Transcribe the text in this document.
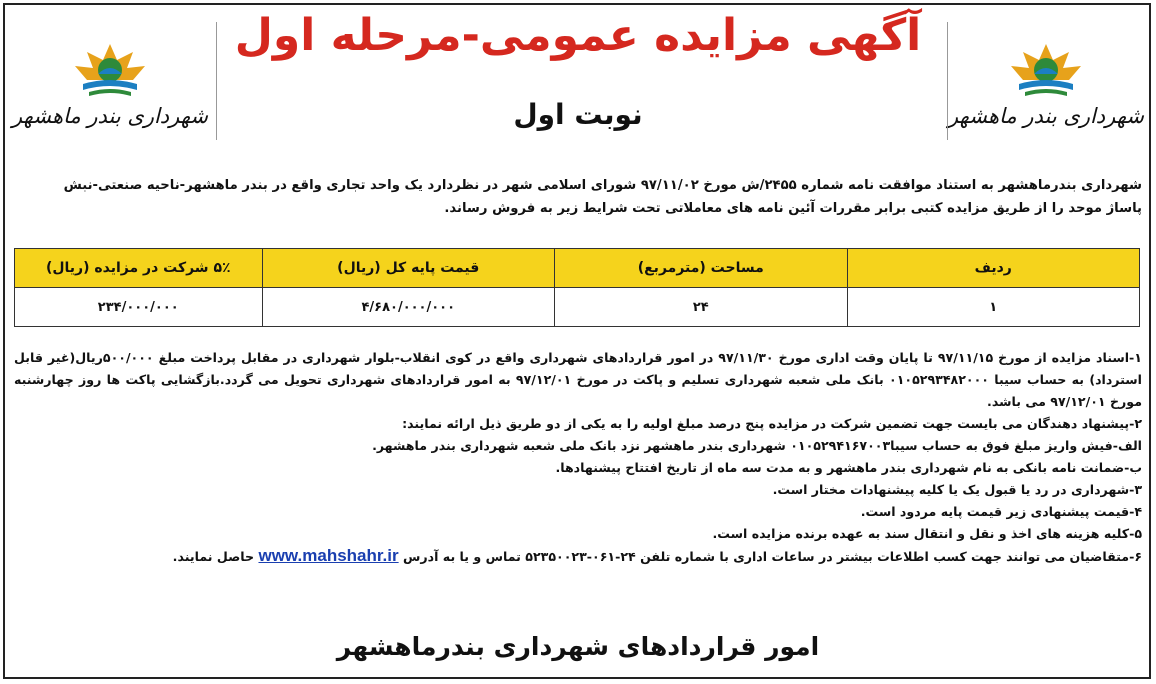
شهرداری بندر ماهشهر
شهرداری بندر ماهشهر
آگهی مزایده عمومی-مرحله اول
نوبت اول

شهرداری بندرماهشهر به استناد موافقت نامه شماره ۲۴۵۵/ش مورخ ۹۷/۱۱/۰۲ شورای اسلامی شهر در نظردارد یک واحد تجاری واقع در بندر ماهشهر-ناحیه صنعتی-نبش

پاساژ موحد را از طریق مزایده کتبی برابر مقررات آئین نامه های معاملاتی تحت شرایط زیر به فروش رساند.

ردیف	مساحت (مترمربع)	قیمت پایه کل (ریال)	۵٪ شرکت در مزایده (ریال)
۱	۲۴	۴/۶۸۰/۰۰۰/۰۰۰	۲۳۴/۰۰۰/۰۰۰

۱-اسناد مزایده از مورخ ۹۷/۱۱/۱۵ تا پایان وقت اداری مورخ ۹۷/۱۱/۳۰ در امور قراردادهای شهرداری واقع در کوی انقلاب-بلوار شهرداری در مقابل پرداخت مبلغ ۵۰۰/۰۰۰ریال(غیر قابل استرداد) به حساب سیبا ۰۱۰۵۲۹۳۴۸۲۰۰۰ بانک ملی شعبه شهرداری تسلیم و پاکت در مورخ ۹۷/۱۲/۰۱ به امور قراردادهای شهرداری تحویل می گردد.بازگشایی پاکت ها روز چهارشنبه مورخ ۹۷/۱۲/۰۱ می باشد.

۲-پیشنهاد دهندگان می بایست جهت تضمین شرکت در مزایده پنج درصد مبلغ اولیه را به یکی از دو طریق ذیل ارائه نمایند:

الف-فیش واریز مبلغ فوق به حساب سیبا۰۱۰۵۲۹۴۱۶۷۰۰۳ شهرداری بندر ماهشهر نزد بانک ملی شعبه شهرداری بندر ماهشهر.

ب-ضمانت نامه بانکی به نام شهرداری بندر ماهشهر و به مدت سه ماه از تاریخ افتتاح پیشنهادها.

۳-شهرداری در رد یا قبول یک یا کلیه پیشنهادات مختار است.

۴-قیمت پیشنهادی زیر قیمت پایه مردود است.

۵-کلیه هزینه های اخذ و نقل و انتقال سند به عهده برنده مزایده است.

۶-متقاضیان می توانند جهت کسب اطلاعات بیشتر در ساعات اداری با شماره تلفن ۲۴-۰۶۱-۵۲۳۵۰۰۲۳ تماس و یا به آدرس www.mahshahr.ir حاصل نمایند.

امور قراردادهای شهرداری بندرماهشهر
